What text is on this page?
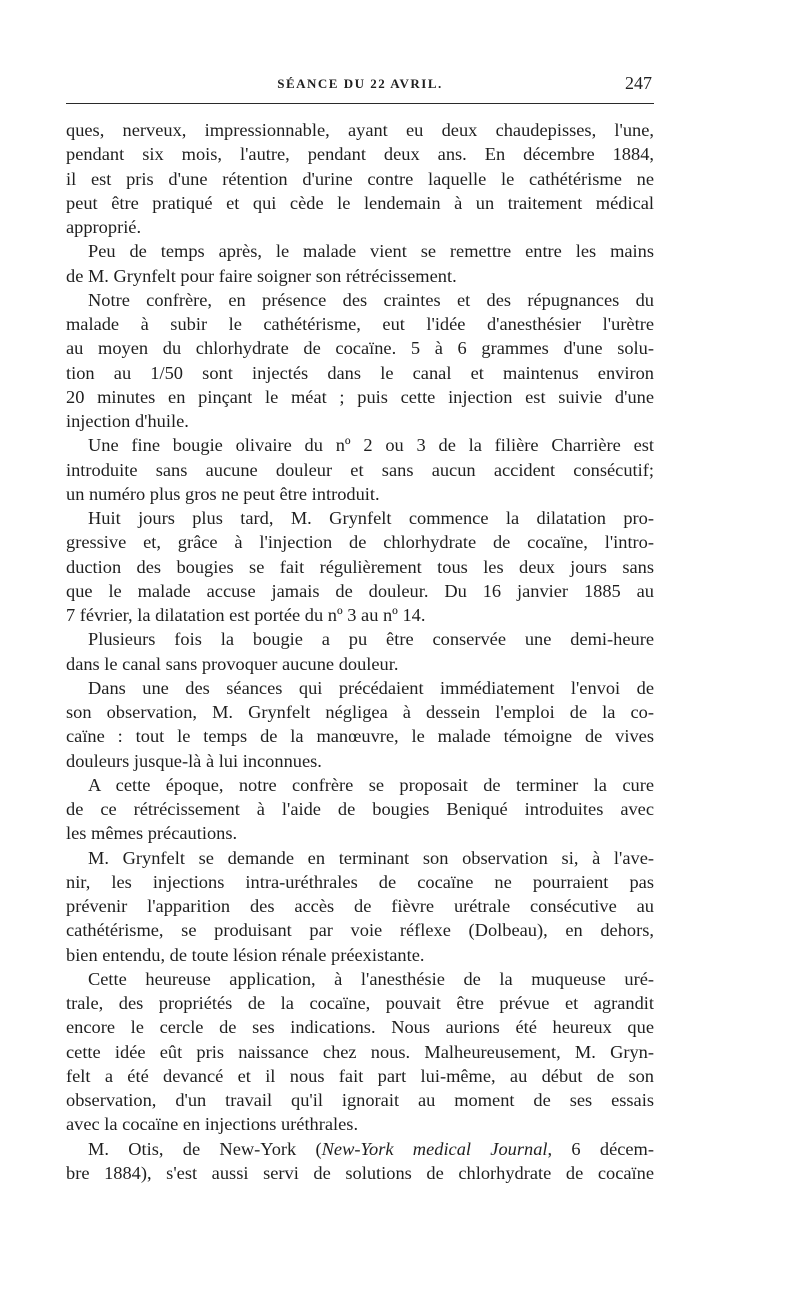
SÉANCE DU 22 AVRIL.	247
ques, nerveux, impressionnable, ayant eu deux chaudepisses, l'une,
pendant six mois, l'autre, pendant deux ans. En décembre 1884,
il est pris d'une rétention d'urine contre laquelle le cathétérisme ne
peut être pratiqué et qui cède le lendemain à un traitement médical
approprié.
Peu de temps après, le malade vient se remettre entre les mains
de M. Grynfelt pour faire soigner son rétrécissement.
Notre confrère, en présence des craintes et des répugnances du
malade à subir le cathétérisme, eut l'idée d'anesthésier l'urètre
au moyen du chlorhydrate de cocaïne. 5 à 6 grammes d'une solu-
tion au 1/50 sont injectés dans le canal et maintenus environ
20 minutes en pinçant le méat ; puis cette injection est suivie d'une
injection d'huile.
Une fine bougie olivaire du nº 2 ou 3 de la filière Charrière est
introduite sans aucune douleur et sans aucun accident consécutif;
un numéro plus gros ne peut être introduit.
Huit jours plus tard, M. Grynfelt commence la dilatation pro-
gressive et, grâce à l'injection de chlorhydrate de cocaïne, l'intro-
duction des bougies se fait régulièrement tous les deux jours sans
que le malade accuse jamais de douleur. Du 16 janvier 1885 au
7 février, la dilatation est portée du nº 3 au nº 14.
Plusieurs fois la bougie a pu être conservée une demi-heure
dans le canal sans provoquer aucune douleur.
Dans une des séances qui précédaient immédiatement l'envoi de
son observation, M. Grynfelt négligea à dessein l'emploi de la co-
caïne : tout le temps de la manœuvre, le malade témoigne de vives
douleurs jusque-là à lui inconnues.
A cette époque, notre confrère se proposait de terminer la cure
de ce rétrécissement à l'aide de bougies Beniqué introduites avec
les mêmes précautions.
M. Grynfelt se demande en terminant son observation si, à l'ave-
nir, les injections intra-uréthrales de cocaïne ne pourraient pas
prévenir l'apparition des accès de fièvre urétrale consécutive au
cathétérisme, se produisant par voie réflexe (Dolbeau), en dehors,
bien entendu, de toute lésion rénale préexistante.
Cette heureuse application, à l'anesthésie de la muqueuse uré-
trale, des propriétés de la cocaïne, pouvait être prévue et agrandit
encore le cercle de ses indications. Nous aurions été heureux que
cette idée eût pris naissance chez nous. Malheureusement, M. Gryn-
felt a été devancé et il nous fait part lui-même, au début de son
observation, d'un travail qu'il ignorait au moment de ses essais
avec la cocaïne en injections uréthrales.
M. Otis, de New-York (New-York medical Journal, 6 décem-
bre 1884), s'est aussi servi de solutions de chlorhydrate de cocaïne
